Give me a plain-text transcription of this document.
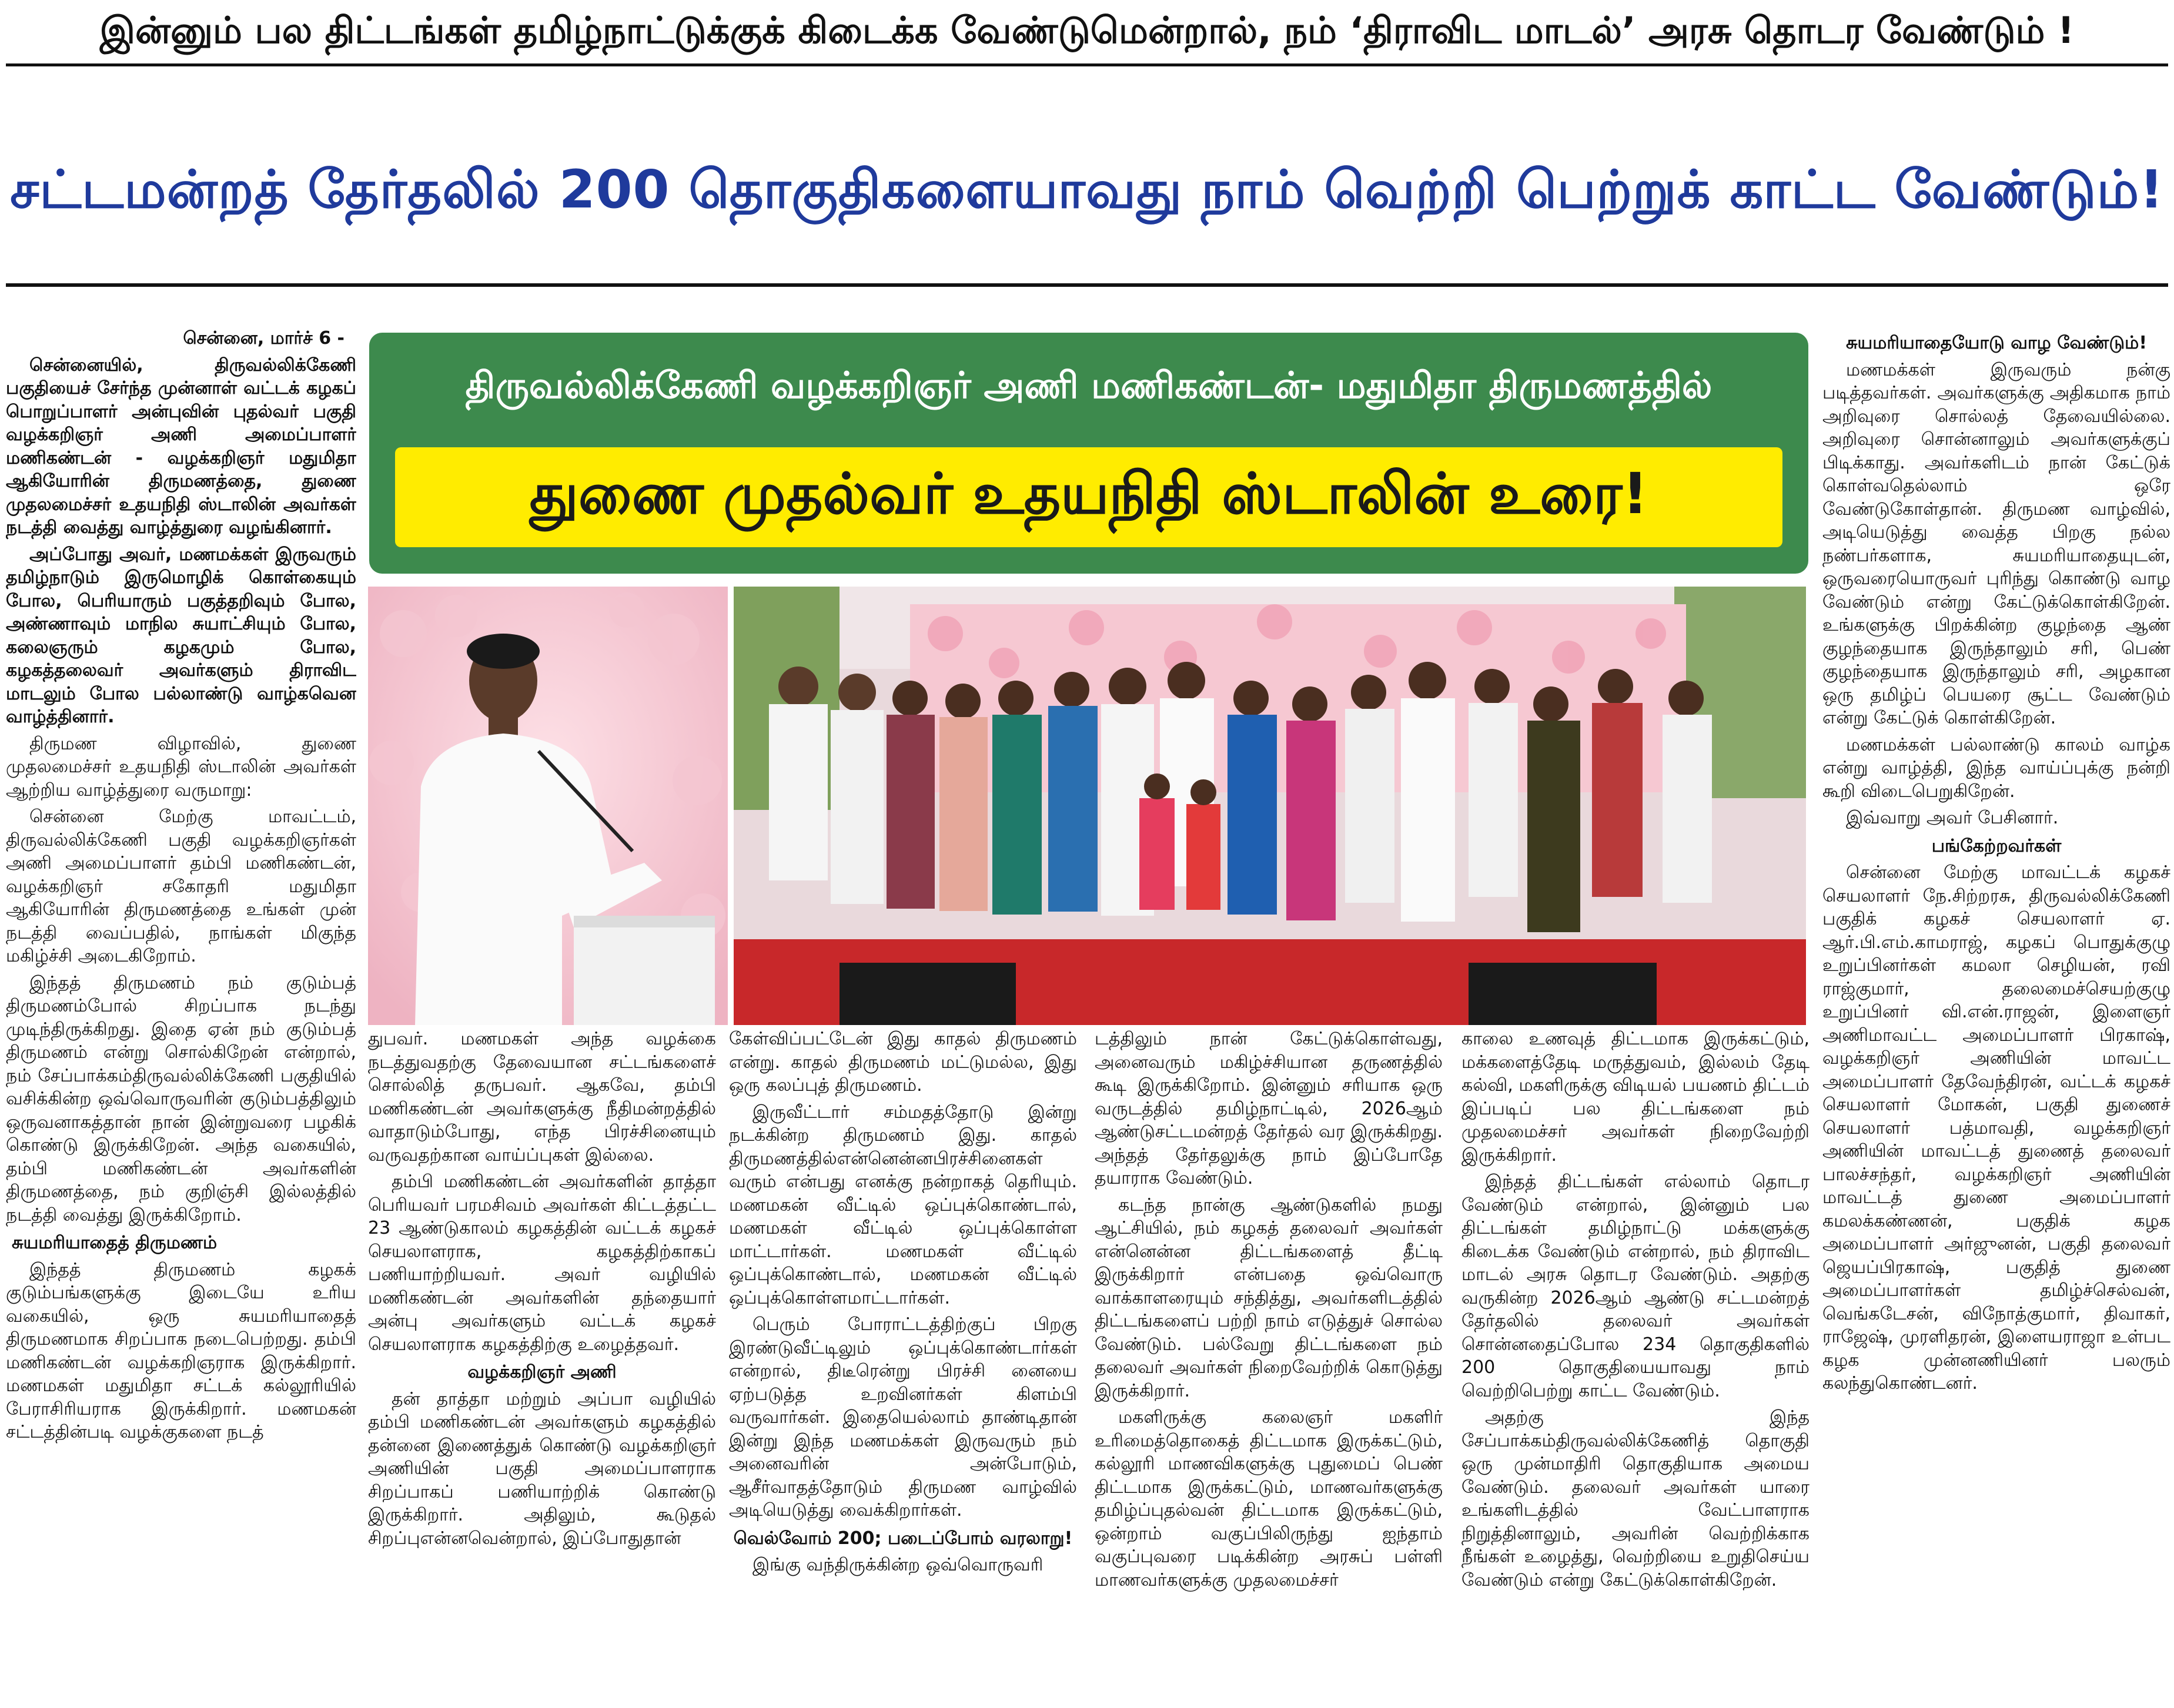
இன்னும் பல திட்டங்கள் தமிழ்நாட்டுக்குக் கிடைக்க வேண்டுமென்றால், நம் ‘திராவிட மாடல்’ அரசு தொடர வேண்டும் !
சட்டமன்றத் தேர்தலில் 200 தொகுதிகளையாவது நாம் வெற்றி பெற்றுக் காட்ட வேண்டும்!

சென்னை, மார்ச் 6 -

சென்னையில், திருவல்லிக்கேணி பகுதியைச் சேர்ந்த முன்னாள் வட்டக் கழகப் பொறுப்பாளர் அன்புவின் புதல்வர் பகுதி வழக்கறிஞர் அணி அமைப்பாளர் மணிகண்டன் - வழக்கறிஞர் மதுமிதா ஆகியோரின் திருமணத்தை, துணை முதலமைச்சர் உதயநிதி ஸ்டாலின் அவர்கள் நடத்தி வைத்து வாழ்த்துரை வழங்கினார்.

அப்போது அவர், மணமக்கள் இருவரும் தமிழ்நாடும் இருமொழிக் கொள்கையும் போல, பெரியாரும் பகுத்தறிவும் போல, அண்ணாவும் மாநில சுயாட்சியும் போல, கலைஞரும் கழகமும் போல, கழகத்தலைவர் அவர்களும் திராவிட மாடலும் போல பல்லாண்டு வாழ்கவென வாழ்த்தினார்.

திருமண விழாவில், துணை முதலமைச்சர் உதயநிதி ஸ்டாலின் அவர்கள் ஆற்றிய வாழ்த்துரை வருமாறு:

சென்னை மேற்கு மாவட்டம், திருவல்லிக்கேணி பகுதி வழக்கறிஞர்கள் அணி அமைப்பாளர் தம்பி மணிகண்டன், வழக்கறிஞர் சகோதரி மதுமிதா ஆகியோரின் திருமணத்தை உங்கள் முன் நடத்தி வைப்பதில், நாங்கள் மிகுந்த மகிழ்ச்சி அடைகிறோம்.

இந்தத் திருமணம் நம் குடும்பத் திருமணம்போல் சிறப்பாக நடந்து முடிந்திருக்கிறது. இதை ஏன் நம் குடும்பத் திருமணம் என்று சொல்கிறேன் என்றால், நம் சேப்பாக்கம்திருவல்லிக்கேணி பகுதியில் வசிக்கின்ற ஒவ்வொருவரின் குடும்பத்திலும் ஒருவனாகத்தான் நான் இன்றுவரை பழகிக் கொண்டு இருக்கிறேன். அந்த வகையில், தம்பி மணிகண்டன் அவர்களின் திருமணத்தை, நம் குறிஞ்சி இல்லத்தில் நடத்தி வைத்து இருக்கிறோம்.

சுயமரியாதைத் திருமணம்

இந்தத் திருமணம் கழகக் குடும்பங்களுக்கு இடையே உரிய வகையில், ஒரு சுயமரியாதைத் திருமணமாக சிறப்பாக நடைபெற்றது. தம்பி மணிகண்டன் வழக்கறிஞராக இருக்கிறார். மணமகள் மதுமிதா சட்டக் கல்லூரியில் பேராசிரியராக இருக்கிறார். மணமகன் சட்டத்தின்படி வழக்குகளை நடத்

திருவல்லிக்கேணி வழக்கறிஞர் அணி மணிகண்டன்- மதுமிதா திருமணத்தில்
துணை முதல்வர் உதயநிதி ஸ்டாலின் உரை!

துபவர். மணமகள் அந்த வழக்கை நடத்துவதற்கு தேவையான சட்டங்களைச் சொல்லித் தருபவர். ஆகவே, தம்பி மணிகண்டன் அவர்களுக்கு நீதிமன்றத்தில் வாதாடும்போது, எந்த பிரச்சினையும் வருவதற்கான வாய்ப்புகள் இல்லை.

தம்பி மணிகண்டன் அவர்களின் தாத்தா பெரியவர் பரமசிவம் அவர்கள் கிட்டத்தட்ட 23 ஆண்டுகாலம் கழகத்தின் வட்டக் கழகச் செயலாளராக, கழகத்திற்காகப் பணியாற்றியவர். அவர் வழியில் மணிகண்டன் அவர்களின் தந்தையார் அன்பு அவர்களும் வட்டக் கழகச் செயலாளராக கழகத்திற்கு உழைத்தவர்.

வழக்கறிஞர் அணி

தன் தாத்தா மற்றும் அப்பா வழியில் தம்பி மணிகண்டன் அவர்களும் கழகத்தில் தன்னை இணைத்துக் கொண்டு வழக்கறிஞர் அணியின் பகுதி அமைப்பாளராக சிறப்பாகப் பணியாற்றிக் கொண்டு இருக்கிறார். அதிலும், கூடுதல் சிறப்புஎன்னவென்றால், இப்போதுதான்

கேள்விப்பட்டேன் இது காதல் திருமணம் என்று. காதல் திருமணம் மட்டுமல்ல, இது ஒரு கலப்புத் திருமணம்.

இருவீட்டார் சம்மதத்தோடு இன்று நடக்கின்ற திருமணம் இது. காதல் திருமணத்தில்என்னென்னபிரச்சினைகள் வரும் என்பது எனக்கு நன்றாகத் தெரியும். மணமகன் வீட்டில் ஒப்புக்கொண்டால், மணமகள் வீட்டில் ஒப்புக்கொள்ள மாட்டார்கள். மணமகள் வீட்டில் ஒப்புக்கொண்டால், மணமகன் வீட்டில் ஒப்புக்கொள்ளமாட்டார்கள்.

பெரும் போராட்டத்திற்குப் பிறகு இரண்டுவீட்டிலும் ஒப்புக்கொண்டார்கள் என்றால், திடீரென்று பிரச்சி னையை ஏற்படுத்த உறவினர்கள் கிளம்பி வருவார்கள். இதையெல்லாம் தாண்டிதான் இன்று இந்த மணமக்கள் இருவரும் நம் அனைவரின் அன்போடும், ஆசீர்வாதத்தோடும் திருமண வாழ்வில் அடியெடுத்து வைக்கிறார்கள்.

வெல்வோம் 200; படைப்போம் வரலாறு!

இங்கு வந்திருக்கின்ற ஒவ்வொருவரி

டத்திலும் நான் கேட்டுக்கொள்வது, அனைவரும் மகிழ்ச்சியான தருணத்தில் கூடி இருக்கிறோம். இன்னும் சரியாக ஒரு வருடத்தில் தமிழ்நாட்டில், 2026ஆம் ஆண்டுசட்டமன்றத் தேர்தல் வர இருக்கிறது. அந்தத் தேர்தலுக்கு நாம் இப்போதே தயாராக வேண்டும்.

கடந்த நான்கு ஆண்டுகளில் நமது ஆட்சியில், நம் கழகத் தலைவர் அவர்கள் என்னென்ன திட்டங்களைத் தீட்டி இருக்கிறார் என்பதை ஒவ்வொரு வாக்காளரையும் சந்தித்து, அவர்களிடத்தில் திட்டங்களைப் பற்றி நாம் எடுத்துச் சொல்ல வேண்டும். பல்வேறு திட்டங்களை நம் தலைவர் அவர்கள் நிறைவேற்றிக் கொடுத்து இருக்கிறார்.

மகளிருக்கு கலைஞர் மகளிர் உரிமைத்தொகைத் திட்டமாக இருக்கட்டும், கல்லூரி மாணவிகளுக்கு புதுமைப் பெண் திட்டமாக இருக்கட்டும், மாணவர்களுக்கு தமிழ்ப்புதல்வன் திட்டமாக இருக்கட்டும், ஒன்றாம் வகுப்பிலிருந்து ஐந்தாம் வகுப்புவரை படிக்கின்ற அரசுப் பள்ளி மாணவர்களுக்கு முதலமைச்சர்

காலை உணவுத் திட்டமாக இருக்கட்டும், மக்களைத்தேடி மருத்துவம், இல்லம் தேடி கல்வி, மகளிருக்கு விடியல் பயணம் திட்டம் இப்படிப் பல திட்டங்களை நம் முதலமைச்சர் அவர்கள் நிறைவேற்றி இருக்கிறார்.

இந்தத் திட்டங்கள் எல்லாம் தொடர வேண்டும் என்றால், இன்னும் பல திட்டங்கள் தமிழ்நாட்டு மக்களுக்கு கிடைக்க வேண்டும் என்றால், நம் திராவிட மாடல் அரசு தொடர வேண்டும். அதற்கு வருகின்ற 2026ஆம் ஆண்டு சட்டமன்றத் தேர்தலில் தலைவர் அவர்கள் சொன்னதைப்போல 234 தொகுதிகளில் 200 தொகுதியையாவது நாம் வெற்றிபெற்று காட்ட வேண்டும்.

அதற்கு இந்த சேப்பாக்கம்திருவல்லிக்கேணித் தொகுதி ஒரு முன்மாதிரி தொகுதியாக அமைய வேண்டும். தலைவர் அவர்கள் யாரை உங்களிடத்தில் வேட்பாளராக நிறுத்தினாலும், அவரின் வெற்றிக்காக நீங்கள் உழைத்து, வெற்றியை உறுதிசெய்ய வேண்டும் என்று கேட்டுக்கொள்கிறேன்.

சுயமரியாதையோடு வாழ வேண்டும்!

மணமக்கள் இருவரும் நன்கு படித்தவர்கள். அவர்களுக்கு அதிகமாக நாம் அறிவுரை சொல்லத் தேவையில்லை. அறிவுரை சொன்னாலும் அவர்களுக்குப் பிடிக்காது. அவர்களிடம் நான் கேட்டுக் கொள்வதெல்லாம் ஒரே வேண்டுகோள்தான். திருமண வாழ்வில், அடியெடுத்து வைத்த பிறகு நல்ல நண்பர்களாக, சுயமரியாதையுடன், ஒருவரையொருவர் புரிந்து கொண்டு வாழ வேண்டும் என்று கேட்டுக்கொள்கிறேன். உங்களுக்கு பிறக்கின்ற குழந்தை ஆண் குழந்தையாக இருந்தாலும் சரி, பெண் குழந்தையாக இருந்தாலும் சரி, அழகான ஒரு தமிழ்ப் பெயரை சூட்ட வேண்டும் என்று கேட்டுக் கொள்கிறேன்.

மணமக்கள் பல்லாண்டு காலம் வாழ்க என்று வாழ்த்தி, இந்த வாய்ப்புக்கு நன்றி கூறி விடைபெறுகிறேன்.

இவ்வாறு அவர் பேசினார்.

பங்கேற்றவர்கள்

சென்னை மேற்கு மாவட்டக் கழகச் செயலாளர் நே.சிற்றரசு, திருவல்லிக்கேணி பகுதிக் கழகச் செயலாளர் ஏ. ஆர்.பி.எம்.காமராஜ், கழகப் பொதுக்குழு உறுப்பினர்கள் கமலா செழியன், ரவி ராஜ்குமார், தலைமைச்செயற்குழு உறுப்பினர் வி.என்.ராஜன், இளைஞர் அணிமாவட்ட அமைப்பாளர் பிரகாஷ், வழக்கறிஞர் அணியின் மாவட்ட அமைப்பாளர் தேவேந்திரன், வட்டக் கழகச் செயலாளர் மோகன், பகுதி துணைச் செயலாளர் பத்மாவதி, வழக்கறிஞர் அணியின் மாவட்டத் துணைத் தலைவர் பாலச்சந்தர், வழக்கறிஞர் அணியின் மாவட்டத் துணை அமைப்பாளர் கமலக்கண்ணன், பகுதிக் கழக அமைப்பாளர் அர்ஜுனன், பகுதி தலைவர் ஜெயப்பிரகாஷ், பகுதித் துணை அமைப்பாளர்கள் தமிழ்ச்செல்வன், வெங்கடேசன், விநோத்குமார், திவாகர், ராஜேஷ், முரளிதரன், இளையராஜா உள்பட கழக முன்னணியினர் பலரும் கலந்துகொண்டனர்.
